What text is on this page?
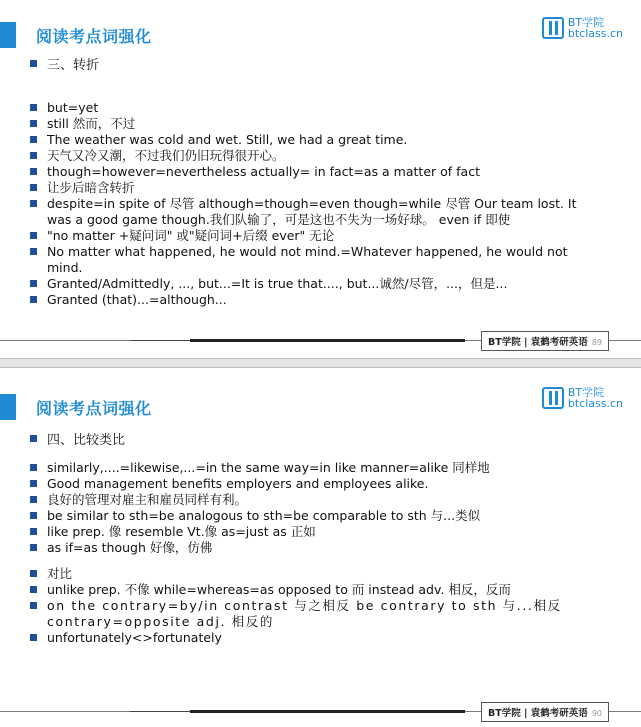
阅读考点词强化
BT学院
btclass.cn
三、转折
but=yet
still 然而，不过
The weather was cold and wet. Still, we had a great time.
天气又冷又潮，不过我们仍旧玩得很开心。
though=however=nevertheless actually= in fact=as a matter of fact
让步后暗含转折
despite=in spite of 尽管 although=though=even though=while 尽管 Our team lost. It was a good game though.我们队输了，可是这也不失为一场好球。 even if 即使
"no matter +疑问词" 或"疑问词+后缀 ever" 无论
No matter what happened, he would not mind.=Whatever happened, he would not mind.
Granted/Admittedly, ..., but...=It is true that...., but...诚然/尽管，...，但是...
Granted (that)...=although...
BT学院 | 袁鹤考研英语 89
阅读考点词强化
BT学院
btclass.cn
四、比较类比
similarly,....=likewise,...=in the same way=in like manner=alike 同样地
Good management benefits employers and employees alike.
良好的管理对雇主和雇员同样有利。
be similar to sth=be analogous to sth=be comparable to sth 与...类似
like prep. 像 resemble Vt.像 as=just as 正如
as if=as though 好像，仿佛
对比
unlike prep. 不像 while=whereas=as opposed to 而 instead adv. 相反，反而
on the contrary=by/in contrast 与之相反 be contrary to sth 与...相反 contrary=opposite adj. 相反的
unfortunately<>fortunately
BT学院 | 袁鹤考研英语 90
